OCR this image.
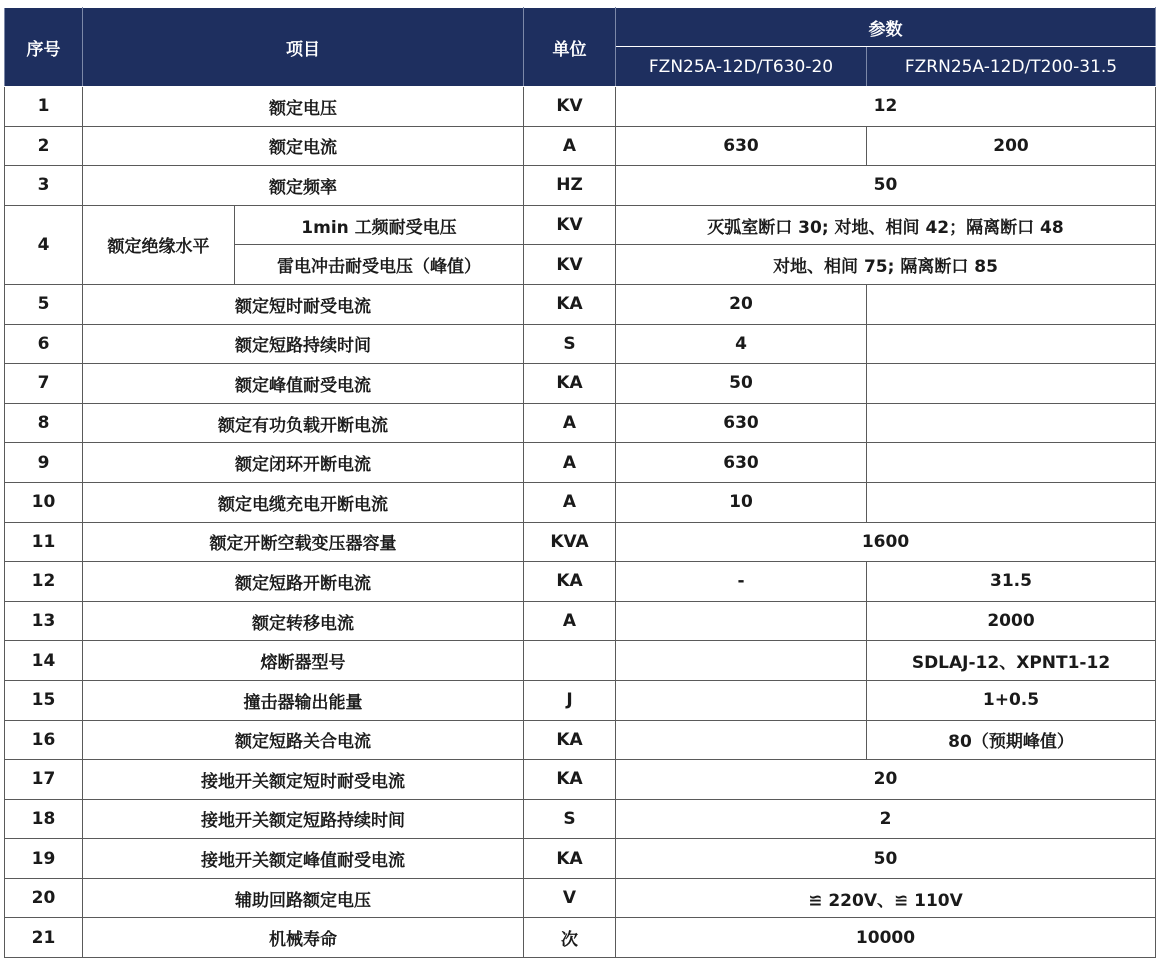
序号	项目		单位	参数	
				FZN25A-12D/T630-20	FZRN25A-12D/T200-31.5
1	额定电压		KV	12	
2	额定电流		A	630	200
3	额定频率		HZ	50	
4	额定绝缘水平	1min 工频耐受电压	KV	灭弧室断口 30; 对地、相间 42；隔离断口 48	
		雷电冲击耐受电压（峰值）	KV	对地、相间 75; 隔离断口 85	
5	额定短时耐受电流		KA	20	
6	额定短路持续时间		S	4	
7	额定峰值耐受电流		KA	50	
8	额定有功负载开断电流		A	630	
9	额定闭环开断电流		A	630	
10	额定电缆充电开断电流		A	10	
11	额定开断空载变压器容量		KVA	1600	
12	额定短路开断电流		KA	-	31.5
13	额定转移电流		A		2000
14	熔断器型号				SDLAJ-12、XPNT1-12
15	撞击器输出能量		J		1+0.5
16	额定短路关合电流		KA		80（预期峰值）
17	接地开关额定短时耐受电流		KA	20	
18	接地开关额定短路持续时间		S	2	
19	接地开关额定峰值耐受电流		KA	50	
20	辅助回路额定电压		V	≌ 220V、≌ 110V	
21	机械寿命		次	10000	
